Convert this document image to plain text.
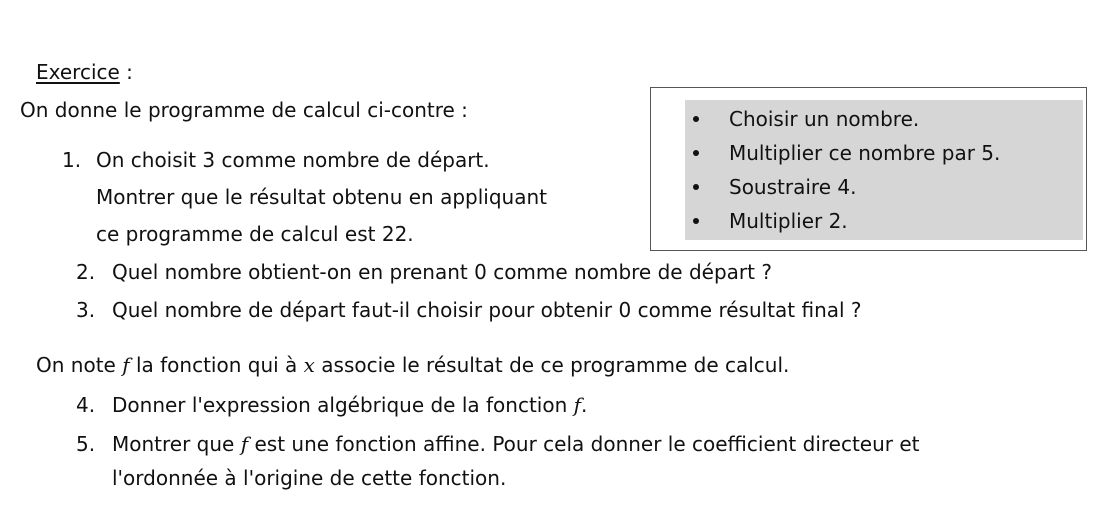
Exercice :
On donne le programme de calcul ci-contre :	Choisir un nombre.
Multiplier ce nombre par 5.
Soustraire 4.
Multiplier 2.
1. On choisit 3 comme nombre de départ.
Montrer que le résultat obtenu en appliquant
ce programme de calcul est 22.
2. Quel nombre obtient-on en prenant 0 comme nombre de départ ?
3. Quel nombre de départ faut-il choisir pour obtenir 0 comme résultat final ?
On note f la fonction qui à x associe le résultat de ce programme de calcul.
4. Donner l'expression algébrique de la fonction f.
5. Montrer que f est une fonction affine. Pour cela donner le coefficient directeur et
l'ordonnée à l'origine de cette fonction.
